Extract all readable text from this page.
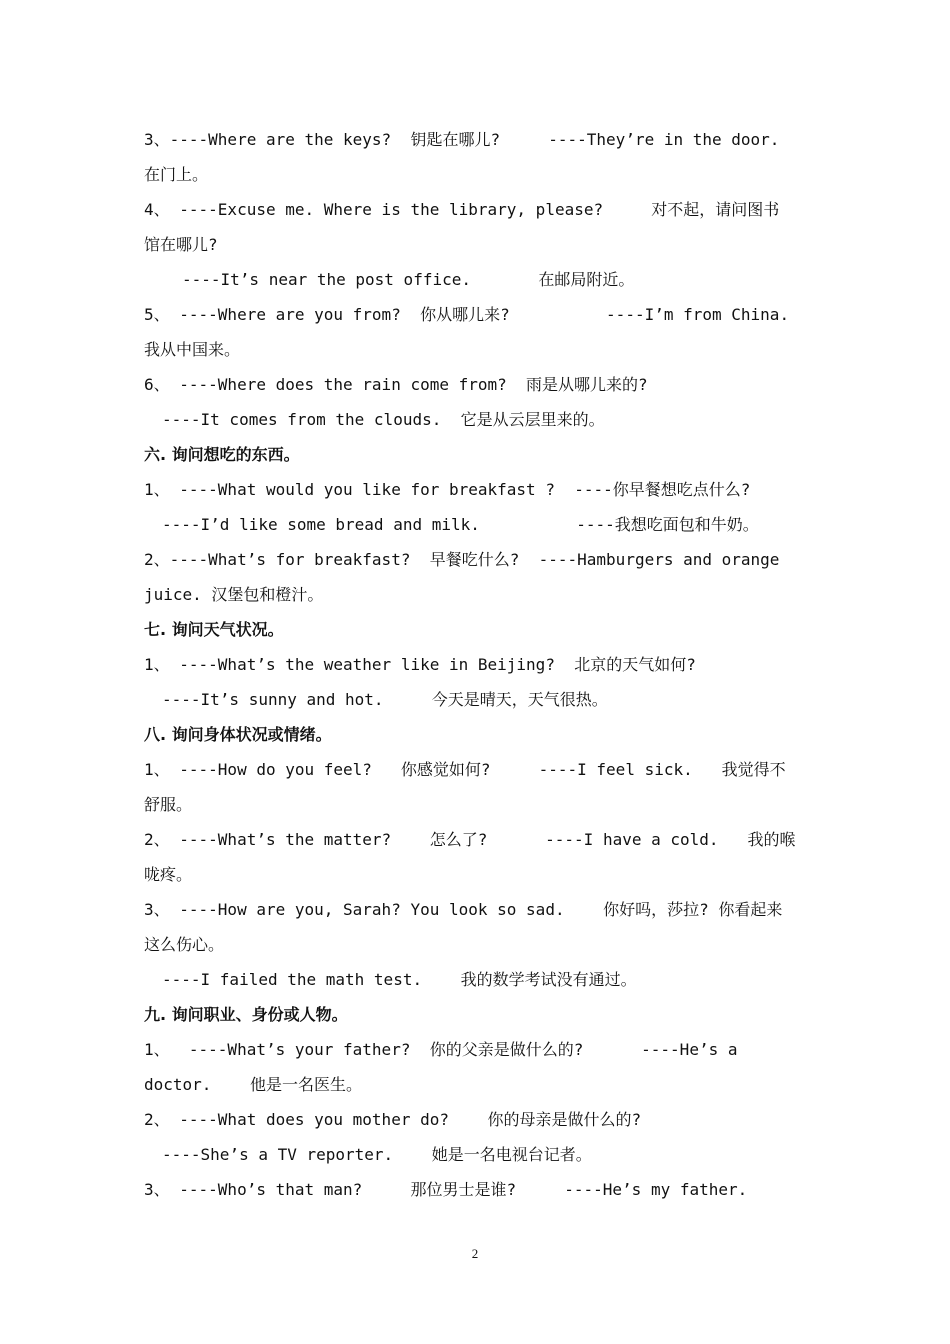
3、----Where are the keys?  钥匙在哪儿?     ----They’re in the door.
在门上。
4、 ----Excuse me. Where is the library, please?     对不起，请问图书
馆在哪儿?
----It’s near the post office.       在邮局附近。
5、 ----Where are you from?  你从哪儿来?          ----I’m from China.
我从中国来。
6、 ----Where does the rain come from?  雨是从哪儿来的?
----It comes from the clouds.  它是从云层里来的。
六. 询问想吃的东西。
1、 ----What would you like for breakfast ?  ----你早餐想吃点什么?
----I’d like some bread and milk.          ----我想吃面包和牛奶。
2、----What’s for breakfast?  早餐吃什么?  ----Hamburgers and orange
juice. 汉堡包和橙汁。
七. 询问天气状况。
1、 ----What’s the weather like in Beijing?  北京的天气如何?
----It’s sunny and hot.     今天是晴天，天气很热。
八. 询问身体状况或情绪。
1、 ----How do you feel?   你感觉如何?     ----I feel sick.   我觉得不
舒服。
2、 ----What’s the matter?    怎么了?      ----I have a cold.   我的喉
咙疼。
3、 ----How are you, Sarah? You look so sad.    你好吗，莎拉? 你看起来
这么伤心。
----I failed the math test.    我的数学考试没有通过。
九. 询问职业、身份或人物。
1、  ----What’s your father?  你的父亲是做什么的?      ----He’s a
doctor.    他是一名医生。
2、 ----What does you mother do?    你的母亲是做什么的?
----She’s a TV reporter.    她是一名电视台记者。
3、 ----Who’s that man?     那位男士是谁?     ----He’s my father.
2
